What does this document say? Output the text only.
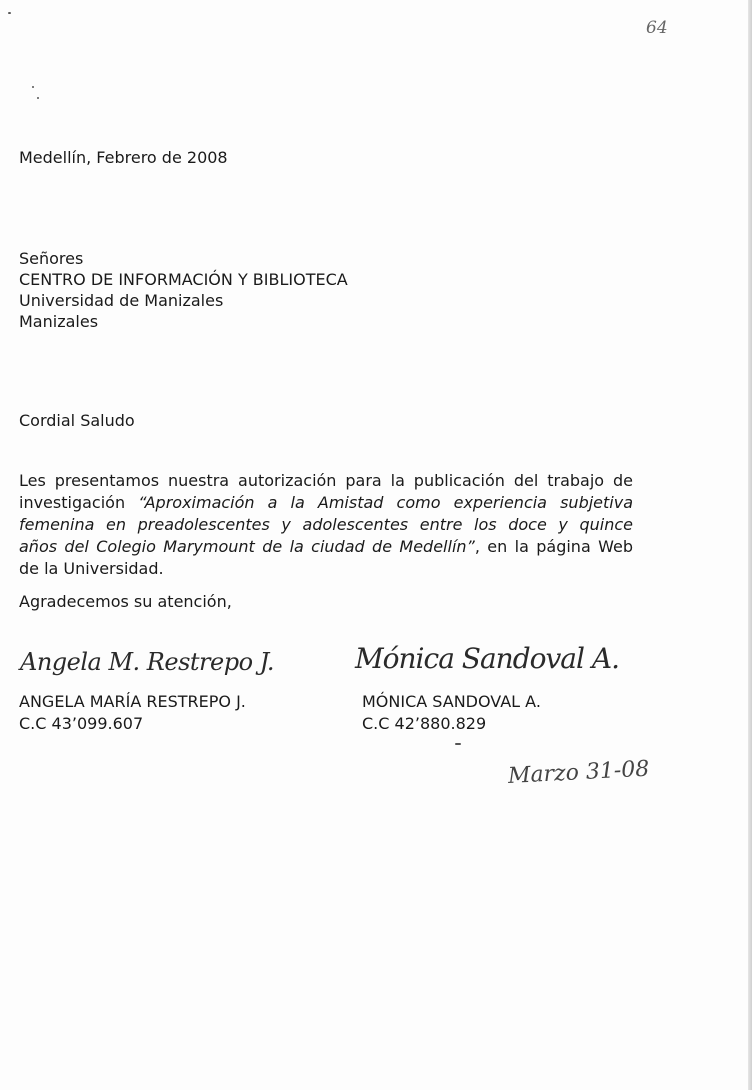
64
Medellín, Febrero de 2008
Señores
CENTRO DE INFORMACIÓN Y BIBLIOTECA
Universidad de Manizales
Manizales
Cordial Saludo
Les presentamos nuestra autorización para la publicación del trabajo de
investigación “Aproximación a la Amistad como experiencia subjetiva
femenina en preadolescentes y adolescentes entre los doce y quince
años del Colegio Marymount de la ciudad de Medellín”, en la página Web
de la Universidad.
Agradecemos su atención,
Angela M. Restrepo J.
ANGELA MARÍA RESTREPO J.
C.C 43’099.607
Mónica Sandoval A.
MÓNICA SANDOVAL A.
C.C 42’880.829
Marzo 31-08
